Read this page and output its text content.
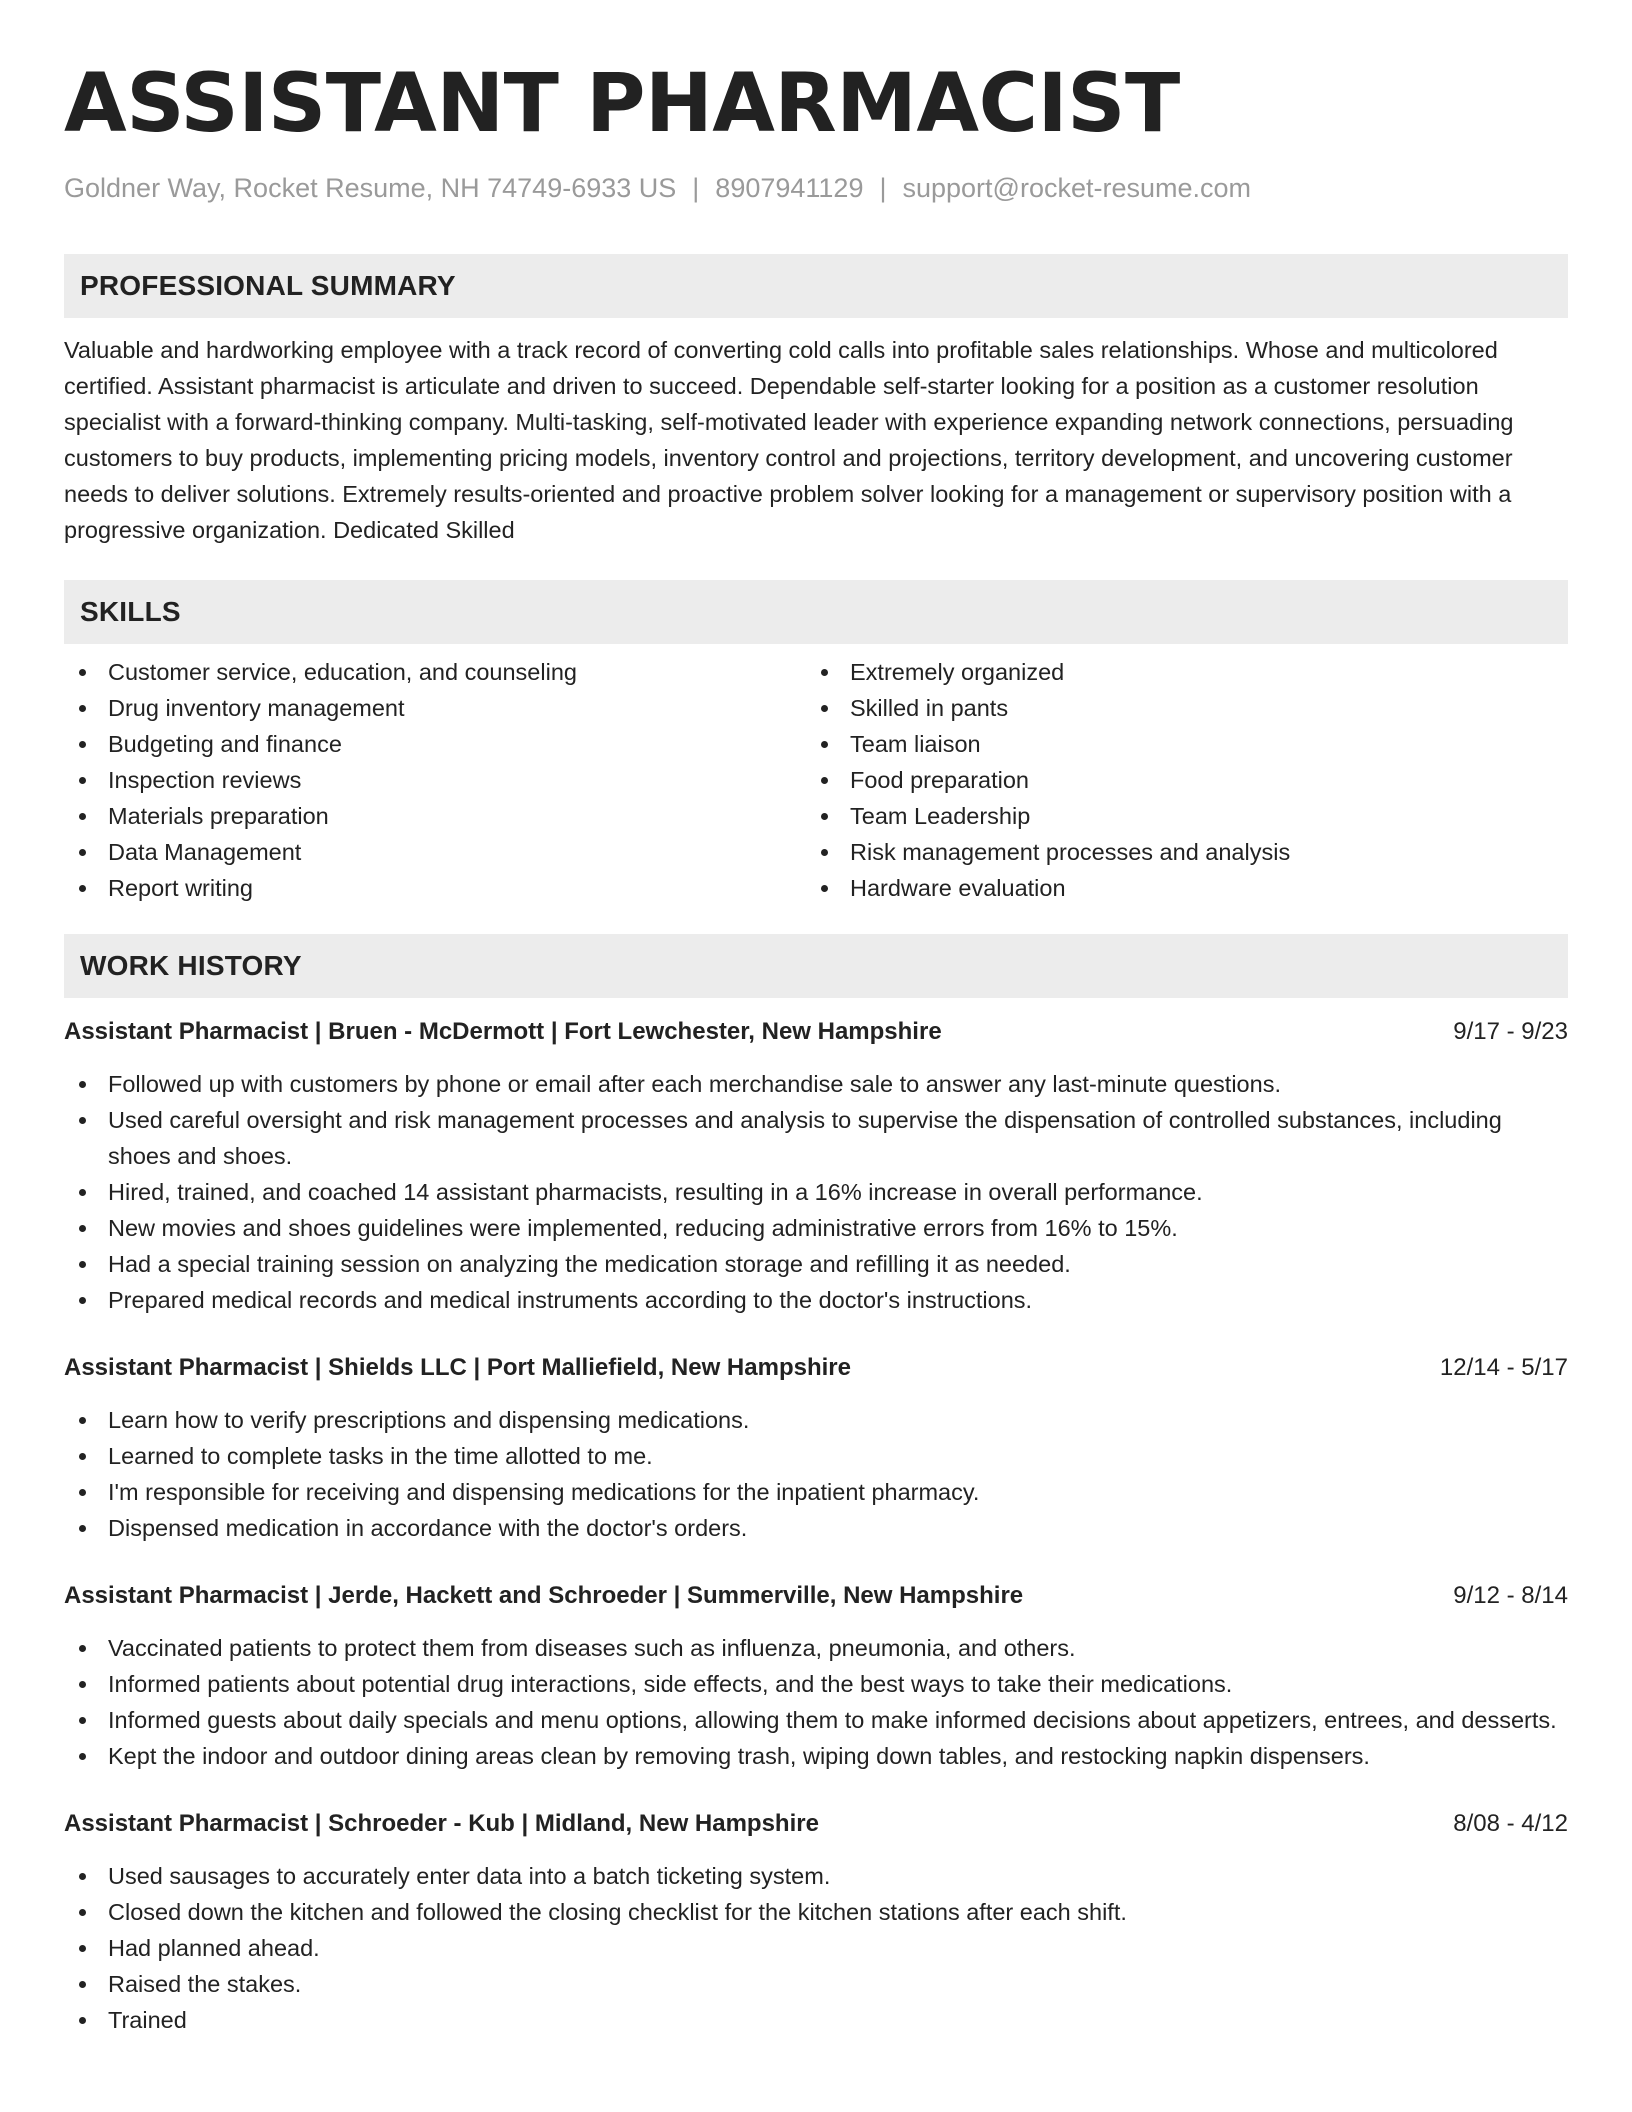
ASSISTANT PHARMACIST
Goldner Way, Rocket Resume, NH 74749-6933 US | 8907941129 | support@rocket-resume.com
PROFESSIONAL SUMMARY

Valuable and hardworking employee with a track record of converting cold calls into profitable sales relationships. Whose and multicolored certified. Assistant pharmacist is articulate and driven to succeed. Dependable self-starter looking for a position as a customer resolution specialist with a forward-thinking company. Multi-tasking, self-motivated leader with experience expanding network connections, persuading customers to buy products, implementing pricing models, inventory control and projections, territory development, and uncovering customer needs to deliver solutions. Extremely results-oriented and proactive problem solver looking for a management or supervisory position with a progressive organization. Dedicated Skilled

SKILLS
Customer service, education, and counseling
Drug inventory management
Budgeting and finance
Inspection reviews
Materials preparation
Data Management
Report writing
Extremely organized
Skilled in pants
Team liaison
Food preparation
Team Leadership
Risk management processes and analysis
Hardware evaluation
WORK HISTORY
Assistant Pharmacist | Bruen - McDermott | Fort Lewchester, New Hampshire	9/17 - 9/23
Followed up with customers by phone or email after each merchandise sale to answer any last-minute questions.
Used careful oversight and risk management processes and analysis to supervise the dispensation of controlled substances, including shoes and shoes.
Hired, trained, and coached 14 assistant pharmacists, resulting in a 16% increase in overall performance.
New movies and shoes guidelines were implemented, reducing administrative errors from 16% to 15%.
Had a special training session on analyzing the medication storage and refilling it as needed.
Prepared medical records and medical instruments according to the doctor's instructions.
Assistant Pharmacist | Shields LLC | Port Malliefield, New Hampshire	12/14 - 5/17
Learn how to verify prescriptions and dispensing medications.
Learned to complete tasks in the time allotted to me.
I'm responsible for receiving and dispensing medications for the inpatient pharmacy.
Dispensed medication in accordance with the doctor's orders.
Assistant Pharmacist | Jerde, Hackett and Schroeder | Summerville, New Hampshire	9/12 - 8/14
Vaccinated patients to protect them from diseases such as influenza, pneumonia, and others.
Informed patients about potential drug interactions, side effects, and the best ways to take their medications.
Informed guests about daily specials and menu options, allowing them to make informed decisions about appetizers, entrees, and desserts.
Kept the indoor and outdoor dining areas clean by removing trash, wiping down tables, and restocking napkin dispensers.
Assistant Pharmacist | Schroeder - Kub | Midland, New Hampshire	8/08 - 4/12
Used sausages to accurately enter data into a batch ticketing system.
Closed down the kitchen and followed the closing checklist for the kitchen stations after each shift.
Had planned ahead.
Raised the stakes.
Trained
